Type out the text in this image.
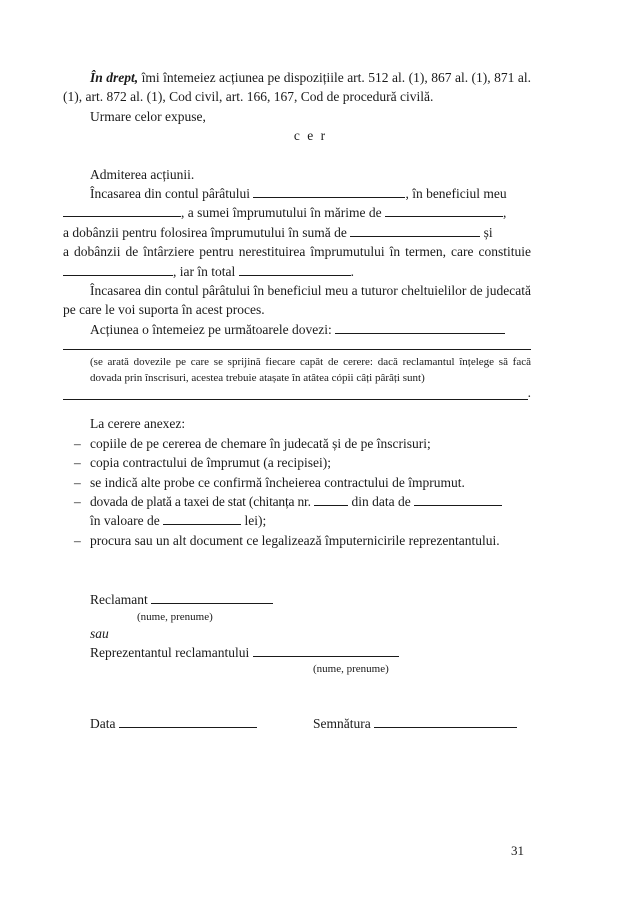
În drept, îmi întemeiez acțiunea pe dispozițiile art. 512 al. (1), 867 al. (1), 871 al. (1), art. 872 al. (1), Cod civil, art. 166, 167, Cod de procedură civilă.

Urmare celor expuse,

c e r

Admiterea acțiunii.

Încasarea din contul pârâtului	, în beneficiul meu
, a sumei împrumutului în mărime de	,
a dobânzii pentru folosirea împrumutului în sumă de	și
a dobânzii de întârziere pentru nerestituirea împrumutului în termen, care constituie , iar în total	.

Încasarea din contul pârâtului în beneficiul meu a tuturor cheltuielilor de judecată pe care le voi suporta în acest proces.

Acțiunea o întemeiez pe următoarele dovezi:

(se arată dovezile pe care se sprijină fiecare capăt de cerere: dacă reclamantul înțelege să facă dovada prin înscrisuri, acestea trebuie atașate în atâtea cópii câți pârâți sunt)

.

La cerere anexez:

– copiile de pe cererea de chemare în judecată și de pe înscrisuri;
– copia contractului de împrumut (a recipisei);
– se indică alte probe ce confirmă încheierea contractului de împrumut.
– dovada de plată a taxei de stat (chitanța nr.	din data de
în valoare de	lei);
– procura sau un alt document ce legalizează împuternicirile reprezentantului.

Reclamant

(nume, prenume)

sau

Reprezentantul reclamantului

(nume, prenume)

Data	Semnătura

31
